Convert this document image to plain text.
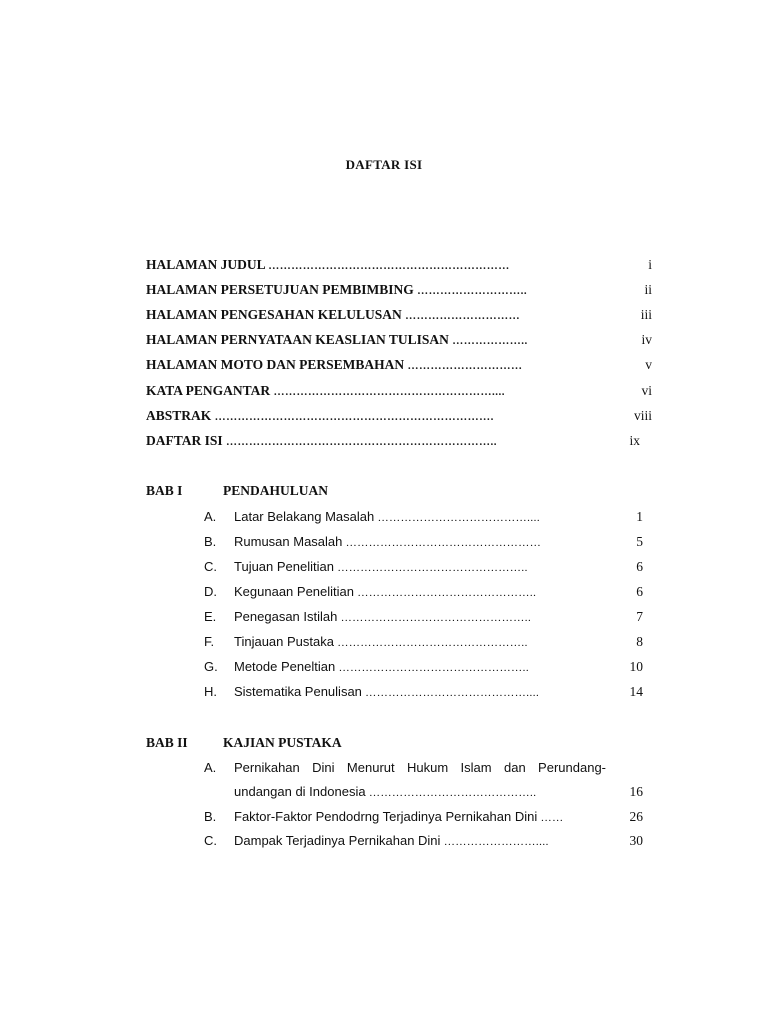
DAFTAR ISI
HALAMAN JUDUL ………………………………………………………	i
HALAMAN PERSETUJUAN PEMBIMBING ………………………..	ii
HALAMAN PENGESAHAN KELULUSAN …………………………	iii
HALAMAN PERNYATAAN KEASLIAN TULISAN ………………..	iv
HALAMAN MOTO DAN PERSEMBAHAN …………………………	v
KATA PENGANTAR …………………………………………………....	vi
ABSTRAK ……………………………………………………………….	viii
DAFTAR ISI ……………………………………………………………..	ix
BAB I	PENDAHULUAN
A.	Latar Belakang Masalah …………………………………....	1
B.	Rumusan Masalah ……………………………………………	5
C.	Tujuan Penelitian …………………………………………..	6
D.	Kegunaan Penelitian ………………………………………..	6
E.	Penegasan Istilah …………………………………………..	7
F.	Tinjauan Pustaka …………………………………………..	8
G.	Metode Peneltian …………………………………………..	10
H.	Sistematika Penulisan ……………………………………....	14
BAB II	KAJIAN PUSTAKA
A.	Pernikahan Dini Menurut Hukum Islam dan Perundang-
undangan di Indonesia ……………………………………..	16
B.	Faktor-Faktor Pendodrng Terjadinya Pernikahan Dini ……	26
C.	Dampak Terjadinya Pernikahan Dini ……………………....	30
